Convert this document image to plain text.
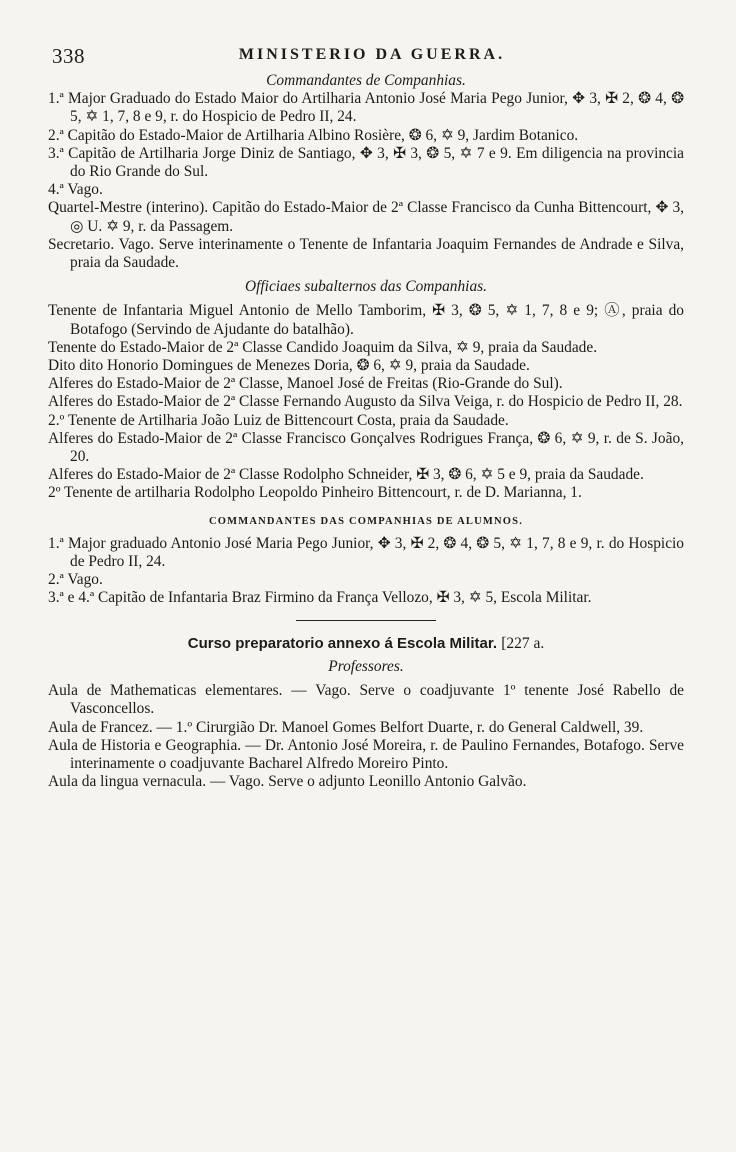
338	MINISTERIO DA GUERRA.

Commandantes de Companhias.

1.ª Major Graduado do Estado Maior do Artilharia Antonio José Maria Pego Junior, ✥ 3, ✠ 2, ❂ 4, ❂ 5, ✡ 1, 7, 8 e 9, r. do Hospicio de Pedro II, 24.

2.ª Capitão do Estado-Maior de Artilharia Albino Rosière, ❂ 6, ✡ 9, Jardim Botanico.

3.ª Capitão de Artilharia Jorge Diniz de Santiago, ✥ 3, ✠ 3, ❂ 5, ✡ 7 e 9. Em diligencia na provincia do Rio Grande do Sul.

4.ª Vago.

Quartel-Mestre (interino). Capitão do Estado-Maior de 2ª Classe Francisco da Cunha Bittencourt, ✥ 3, ◎ U. ✡ 9, r. da Passagem.

Secretario. Vago. Serve interinamente o Tenente de Infantaria Joaquim Fernandes de Andrade e Silva, praia da Saudade.

Officiaes subalternos das Companhias.

Tenente de Infantaria Miguel Antonio de Mello Tamborim, ✠ 3, ❂ 5, ✡ 1, 7, 8 e 9; Ⓐ, praia do Botafogo (Servindo de Ajudante do batalhão).

Tenente do Estado-Maior de 2ª Classe Candido Joaquim da Silva, ✡ 9, praia da Saudade.

Dito dito Honorio Domingues de Menezes Doria, ❂ 6, ✡ 9, praia da Saudade.

Alferes do Estado-Maior de 2ª Classe, Manoel José de Freitas (Rio-Grande do Sul).

Alferes do Estado-Maior de 2ª Classe Fernando Augusto da Silva Veiga, r. do Hospicio de Pedro II, 28.

2.º Tenente de Artilharia João Luiz de Bittencourt Costa, praia da Saudade.

Alferes do Estado-Maior de 2ª Classe Francisco Gonçalves Rodrigues França, ❂ 6, ✡ 9, r. de S. João, 20.

Alferes do Estado-Maior de 2ª Classe Rodolpho Schneider, ✠ 3, ❂ 6, ✡ 5 e 9, praia da Saudade.

2º Tenente de artilharia Rodolpho Leopoldo Pinheiro Bittencourt, r. de D. Marianna, 1.

COMMANDANTES DAS COMPANHIAS DE ALUMNOS.

1.ª Major graduado Antonio José Maria Pego Junior, ✥ 3, ✠ 2, ❂ 4, ❂ 5, ✡ 1, 7, 8 e 9, r. do Hospicio de Pedro II, 24.

2.ª Vago.

3.ª e 4.ª Capitão de Infantaria Braz Firmino da França Vellozo, ✠ 3, ✡ 5, Escola Militar.

Curso preparatorio annexo á Escola Militar. [227 a.

Professores.

Aula de Mathematicas elementares. — Vago. Serve o coadjuvante 1º tenente José Rabello de Vasconcellos.

Aula de Francez. — 1.º Cirurgião Dr. Manoel Gomes Belfort Duarte, r. do General Caldwell, 39.

Aula de Historia e Geographia. — Dr. Antonio José Moreira, r. de Paulino Fernandes, Botafogo. Serve interinamente o coadjuvante Bacharel Alfredo Moreiro Pinto.

Aula da lingua vernacula. — Vago. Serve o adjunto Leonillo Antonio Galvão.
